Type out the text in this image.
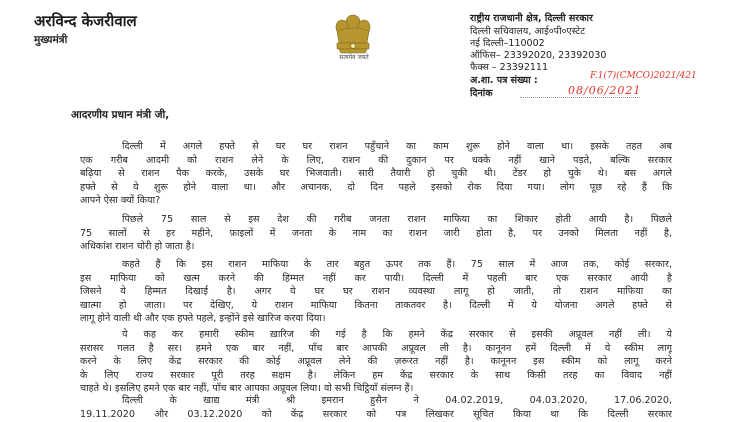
अरविन्द केजरीवाल
मुख्यमंत्री
सत्यमेव जयते
राष्ट्रीय राजधानी क्षेत्र, दिल्ली सरकार
दिल्ली सचिवालय, आई०पी०एस्टेट
नई दिल्ली–110002
ऑफिस– 23392020, 23392030
फैक्स – 23392111
अ.शा. पत्र संख्या :	F.1(7)(CMCO)2021/421
दिनांक	08/06/2021
आदरणीय प्रधान मंत्री जी,
दिल्ली में अगले हफ्ते से घर घर राशन पहुँचाने का काम शुरू होने वाला था। इसके तहत अब
एक गरीब आदमी को राशन लेने के लिए, राशन की दुकान पर धक्के नहीं खाने पड़ते, बल्कि सरकार
बढ़िया से राशन पैक करके, उसके घर भिजवाती। सारी तैयारी हो चुकी थी। टेंडर हो चुके थे। बस अगले
हफ्ते से ये शुरू होने वाला था। और अचानक, दो दिन पहले इसको रोक दिया गया। लोग पूछ रहे हैं कि
आपने ऐसा क्यों किया?
पिछले 75 साल से इस देश की गरीब जनता राशन माफिया का शिकार होती आयी है। पिछले
75 सालों से हर महीने, फ़ाइलों में जनता के नाम का राशन जारी होता है, पर उनको मिलता नहीं है,
अधिकांश राशन चोरी हो जाता है।
कहते हैं कि इस राशन माफिया के तार बहुत ऊपर तक हैं। 75 साल में आज तक, कोई सरकार,
इस माफिया को खत्म करने की हिम्मत नहीं कर पायी। दिल्ली में पहली बार एक सरकार आयी है
जिसने ये हिम्मत दिखाई है। अगर ये घर घर राशन व्यवस्था लागू हो जाती, तो राशन माफिया का
खात्मा हो जाता। पर देखिए, ये राशन माफिया कितना ताकतवर है। दिल्ली में ये योजना अगले हफ्ते से
लागू होने वाली थी और एक हफ्ते पहले, इन्होंने इसे खारिज करवा दिया।
ये कह कर हमारी स्कीम ख़ारिज की गई है कि हमने केंद्र सरकार से इसकी अप्रूवल नहीं ली। ये
सरासर गलत है सर। हमने एक बार नहीं, पाँच बार आपकी अप्रूवल ली है। कानूनन हमें दिल्ली में ये स्कीम लागू
करने के लिए केंद्र सरकार की कोई अप्रूवल लेने की ज़रूरत नहीं है। कानूनन इस स्कीम को लागू करने
के लिए राज्य सरकार पूरी तरह सक्षम है। लेकिन हम केंद्र सरकार के साथ किसी तरह का विवाद नहीं
चाहते थे। इसलिए हमने एक बार नहीं, पाँच बार आपका अप्रूवल लिया। वो सभी चिट्ठियाँ संलग्न हैं।
दिल्ली के खाद्य मंत्री श्री इमरान हुसैन ने 04.02.2019, 04.03.2020, 17.06.2020,
19.11.2020 और 03.12.2020 को केंद्र सरकार को पत्र लिखकर सूचित किया था कि दिल्ली सरकार
